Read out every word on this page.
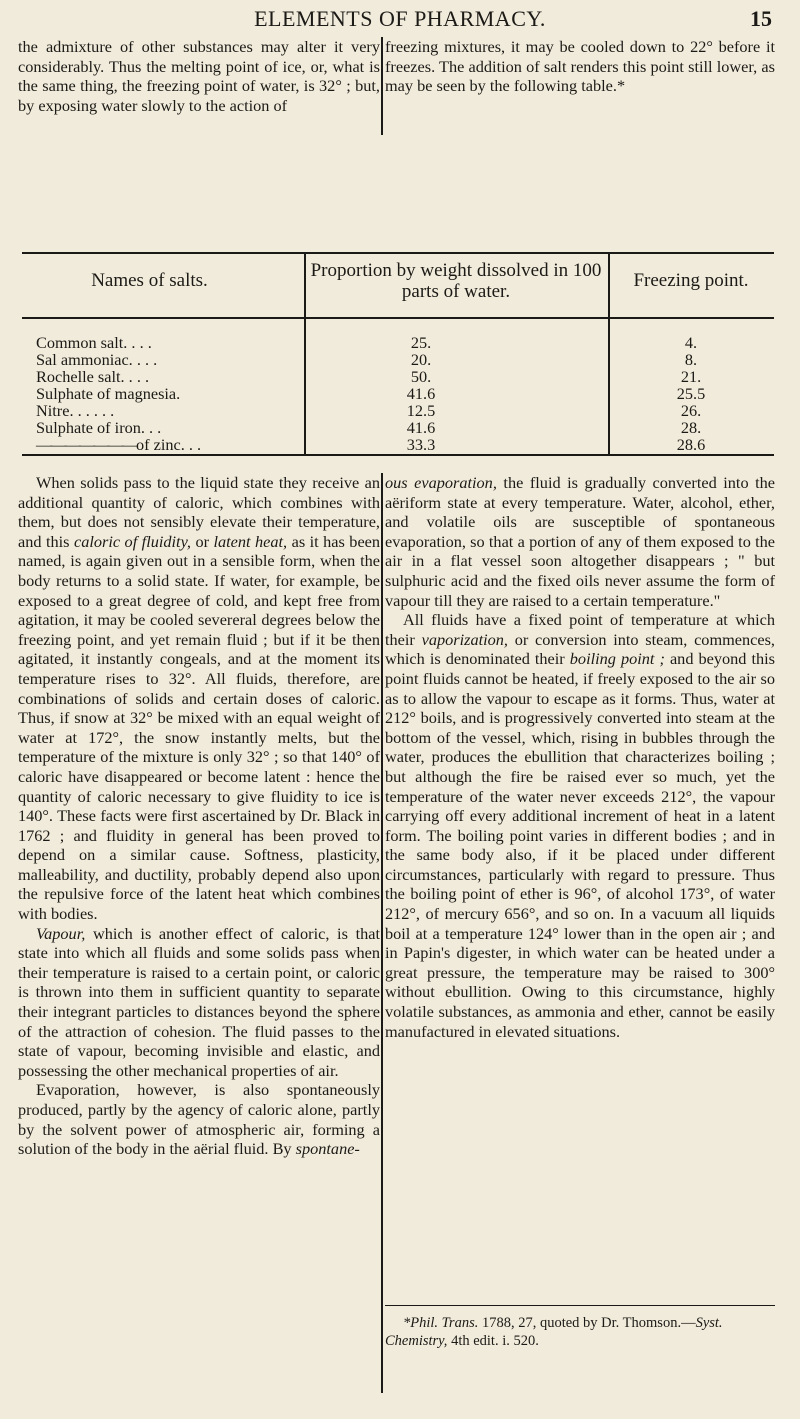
ELEMENTS OF PHARMACY.	15

the admixture of other substances may alter it very considerably. Thus the melting point of ice, or, what is the same thing, the freezing point of water, is 32° ; but, by exposing water slowly to the action of

freezing mixtures, it may be cooled down to 22° before it freezes. The addition of salt renders this point still lower, as may be seen by the following table.*

Names of salts.	Proportion by weight dissolved in 100 parts of water.
Freezing point.
Common salt. . . .
Sal ammoniac. . . .
Rochelle salt. . . .
Sulphate of magnesia.
Nitre. . . . . .
Sulphate of iron. . .
——————— of zinc. . .
25.
20.
50.
41.6
12.5
41.6
33.3
4.
8.
21.
25.5
26.
28.
28.6

When solids pass to the liquid state they receive an additional quantity of caloric, which combines with them, but does not sensibly elevate their temperature, and this caloric of fluidity, or latent heat, as it has been named, is again given out in a sensible form, when the body returns to a solid state. If water, for example, be exposed to a great degree of cold, and kept free from agitation, it may be cooled severeral degrees below the freezing point, and yet remain fluid ; but if it be then agitated, it instantly congeals, and at the moment its temperature rises to 32°. All fluids, therefore, are combinations of solids and certain doses of caloric. Thus, if snow at 32° be mixed with an equal weight of water at 172°, the snow instantly melts, but the temperature of the mixture is only 32° ; so that 140° of caloric have disappeared or become latent : hence the quantity of caloric necessary to give fluidity to ice is 140°. These facts were first ascertained by Dr. Black in 1762 ; and fluidity in general has been proved to depend on a similar cause. Softness, plasticity, malleability, and ductility, probably depend also upon the repulsive force of the latent heat which combines with bodies.

Vapour, which is another effect of caloric, is that state into which all fluids and some solids pass when their temperature is raised to a certain point, or caloric is thrown into them in sufficient quantity to separate their integrant particles to distances beyond the sphere of the attraction of cohesion. The fluid passes to the state of vapour, becoming invisible and elastic, and possessing the other mechanical properties of air.

Evaporation, however, is also spontaneously produced, partly by the agency of caloric alone, partly by the solvent power of atmospheric air, forming a solution of the body in the aërial fluid. By spontane-

ous evaporation, the fluid is gradually converted into the aëriform state at every temperature. Water, alcohol, ether, and volatile oils are susceptible of spontaneous evaporation, so that a portion of any of them exposed to the air in a flat vessel soon altogether disappears ; " but sulphuric acid and the fixed oils never assume the form of vapour till they are raised to a certain temperature."

All fluids have a fixed point of temperature at which their vaporization, or conversion into steam, commences, which is denominated their boiling point ; and beyond this point fluids cannot be heated, if freely exposed to the air so as to allow the vapour to escape as it forms. Thus, water at 212° boils, and is progressively converted into steam at the bottom of the vessel, which, rising in bubbles through the water, produces the ebullition that characterizes boiling ; but although the fire be raised ever so much, yet the temperature of the water never exceeds 212°, the vapour carrying off every additional increment of heat in a latent form. The boiling point varies in different bodies ; and in the same body also, if it be placed under different circumstances, particularly with regard to pressure. Thus the boiling point of ether is 96°, of alcohol 173°, of water 212°, of mercury 656°, and so on. In a vacuum all liquids boil at a temperature 124° lower than in the open air ; and in Papin's digester, in which water can be heated under a great pressure, the temperature may be raised to 300° without ebullition. Owing to this circumstance, highly volatile substances, as ammonia and ether, cannot be easily manufactured in elevated situations.

*Phil. Trans. 1788, 27, quoted by Dr. Thomson.—Syst. Chemistry, 4th edit. i. 520.
